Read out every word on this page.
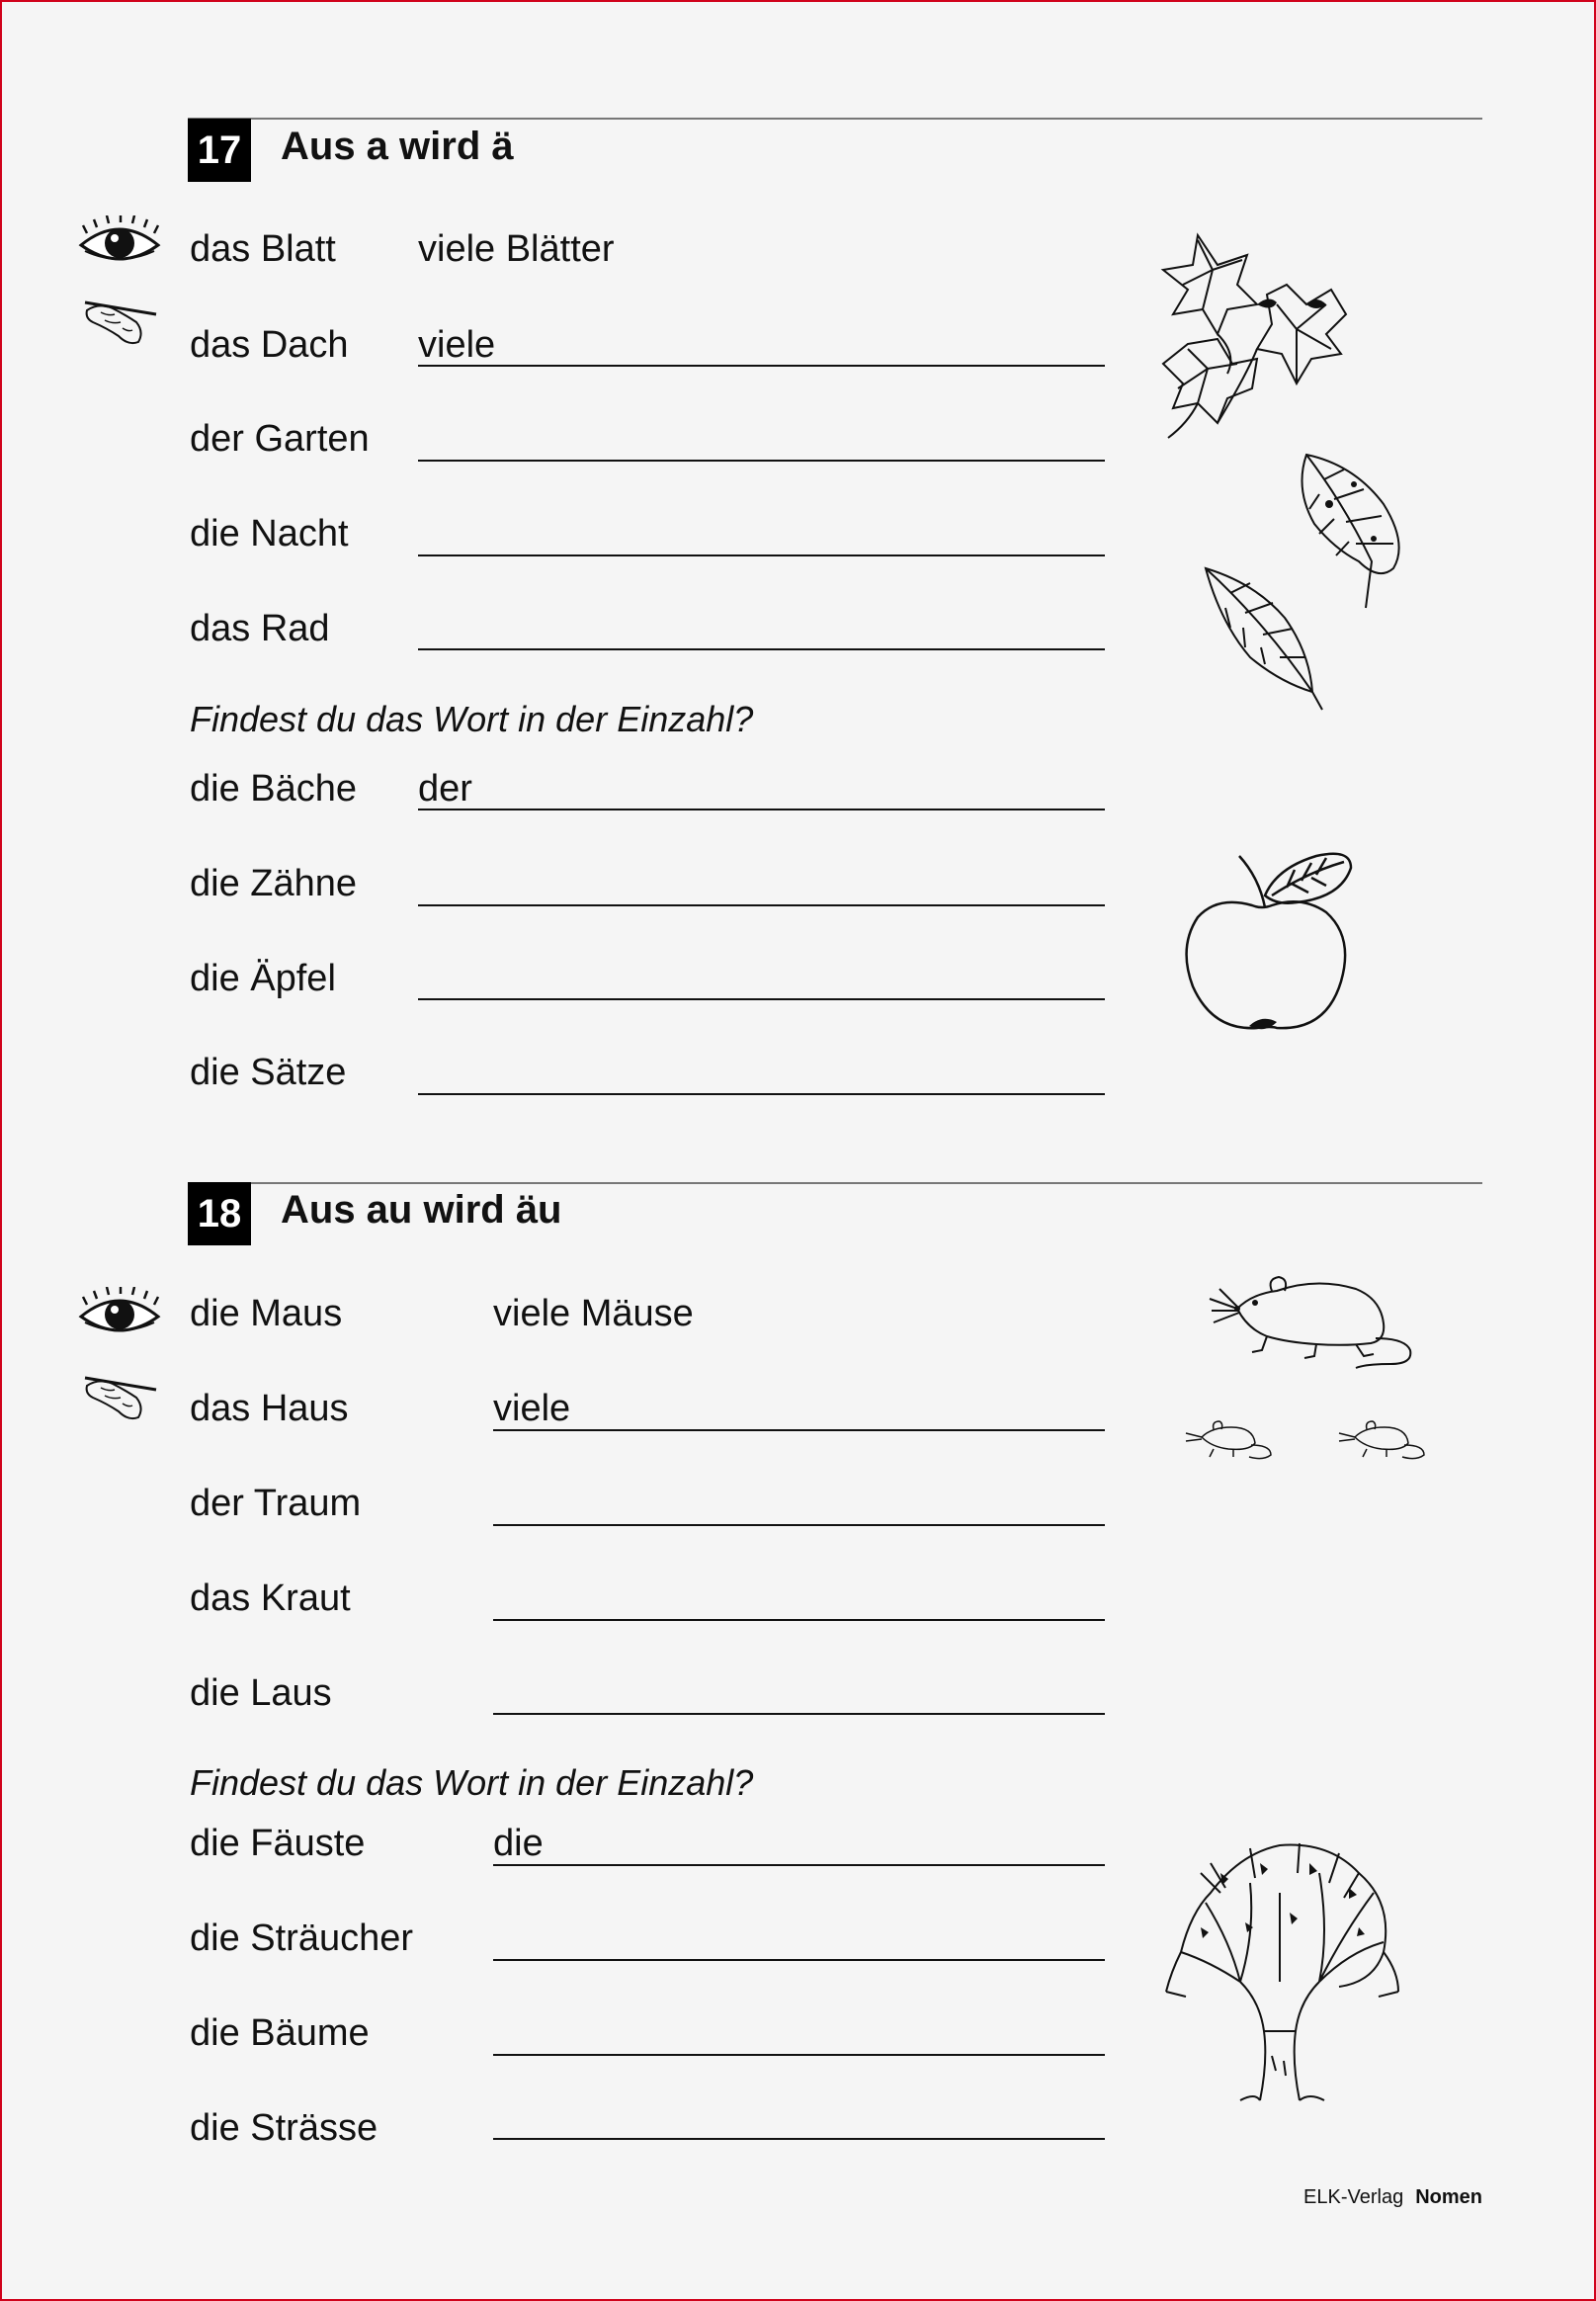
17 Aus a wird ä
das Blatt viele Blätter
das Dach viele
der Garten
die Nacht
das Rad
Findest du das Wort in der Einzahl?
die Bäche der
die Zähne
die Äpfel
die Sätze
18 Aus au wird äu
die Maus	viele Mäuse
das Haus	viele
der Traum
das Kraut
die Laus
Findest du das Wort in der Einzahl?
die Fäuste	die
die Sträucher
die Bäume
die Strässe
ELK-Verlag Nomen
